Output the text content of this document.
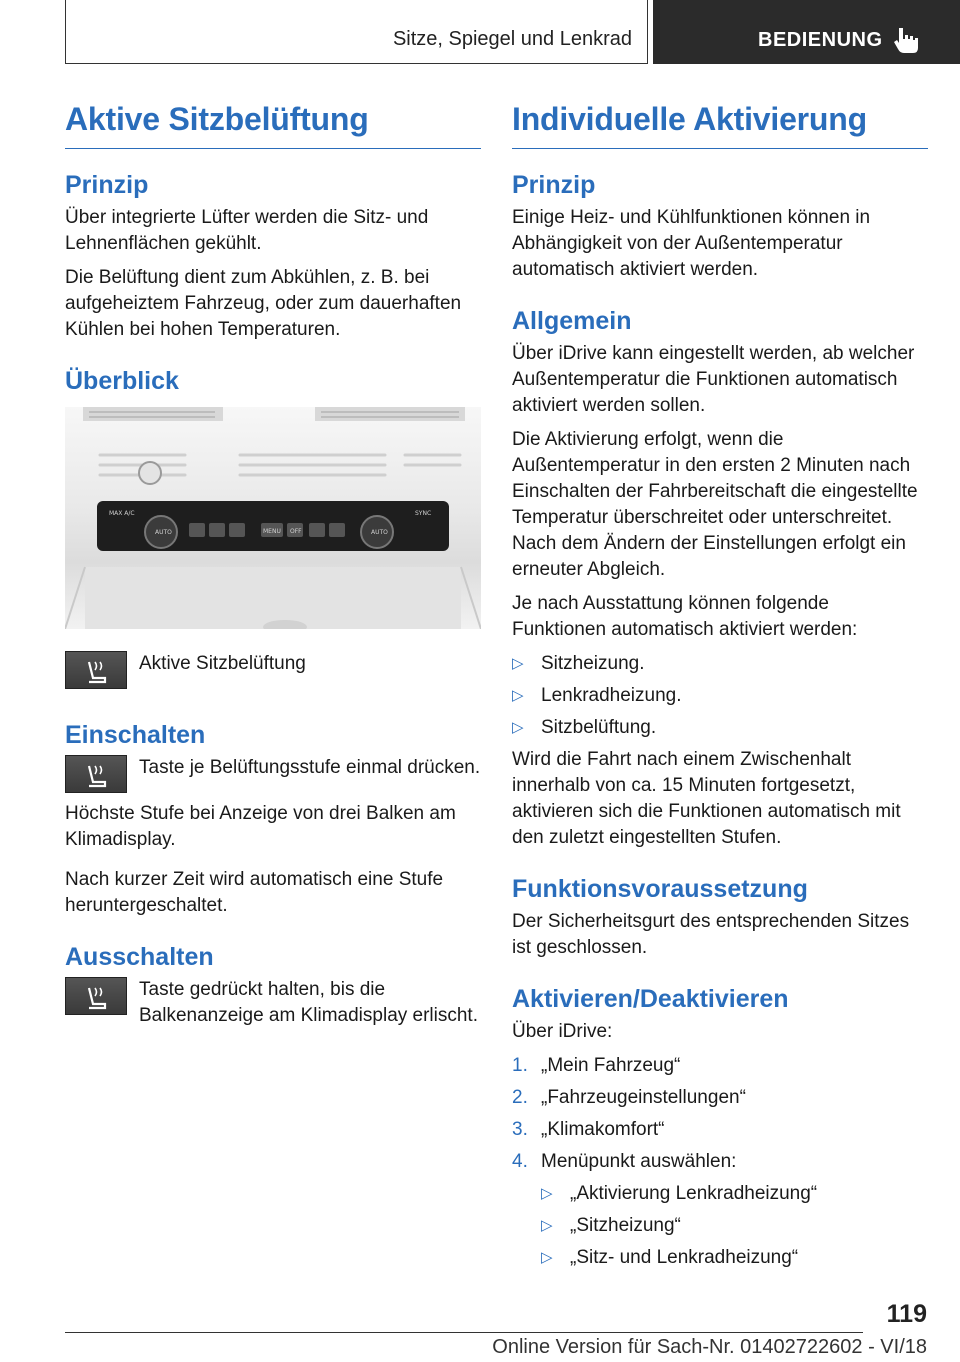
Sitze, Spiegel und Lenkrad	BEDIENUNG
Aktive Sitzbelüftung
Prinzip

Über integrierte Lüfter werden die Sitz- und Lehnenflächen gekühlt.

Die Belüftung dient zum Abkühlen, z. B. bei aufgeheiztem Fahrzeug, oder zum dauerhaften Kühlen bei hohen Temperaturen.

Überblick
MAX A/C
AUTO
SYNC
MENU OFF	AUTO
Aktive Sitzbelüftung
Einschalten
Taste je Belüftungsstufe einmal drücken.

Höchste Stufe bei Anzeige von drei Balken am Klimadisplay.

Nach kurzer Zeit wird automatisch eine Stufe heruntergeschaltet.

Ausschalten
Taste gedrückt halten, bis die Balkenanzeige am Klimadisplay erlischt.
Individuelle Aktivierung
Prinzip

Einige Heiz- und Kühlfunktionen können in Abhängigkeit von der Außentemperatur automatisch aktiviert werden.

Allgemein

Über iDrive kann eingestellt werden, ab welcher Außentemperatur die Funktionen automatisch aktiviert werden sollen.

Die Aktivierung erfolgt, wenn die Außentemperatur in den ersten 2 Minuten nach Einschalten der Fahrbereitschaft die eingestellte Temperatur überschreitet oder unterschreitet. Nach dem Ändern der Einstellungen erfolgt ein erneuter Abgleich.

Je nach Ausstattung können folgende Funktionen automatisch aktiviert werden:

▷ Sitzheizung.
▷ Lenkradheizung.
▷ Sitzbelüftung.

Wird die Fahrt nach einem Zwischenhalt innerhalb von ca. 15 Minuten fortgesetzt, aktivieren sich die Funktionen automatisch mit den zuletzt eingestellten Stufen.

Funktionsvoraussetzung

Der Sicherheitsgurt des entsprechenden Sitzes ist geschlossen.

Aktivieren/Deaktivieren

Über iDrive:

1. „Mein Fahrzeug“
2. „Fahrzeugeinstellungen“
3. „Klimakomfort“
4. Menüpunkt auswählen:
▷ „Aktivierung Lenkradheizung“
▷ „Sitzheizung“
▷ „Sitz- und Lenkradheizung“
119
Online Version für Sach-Nr. 01402722602 - VI/18
